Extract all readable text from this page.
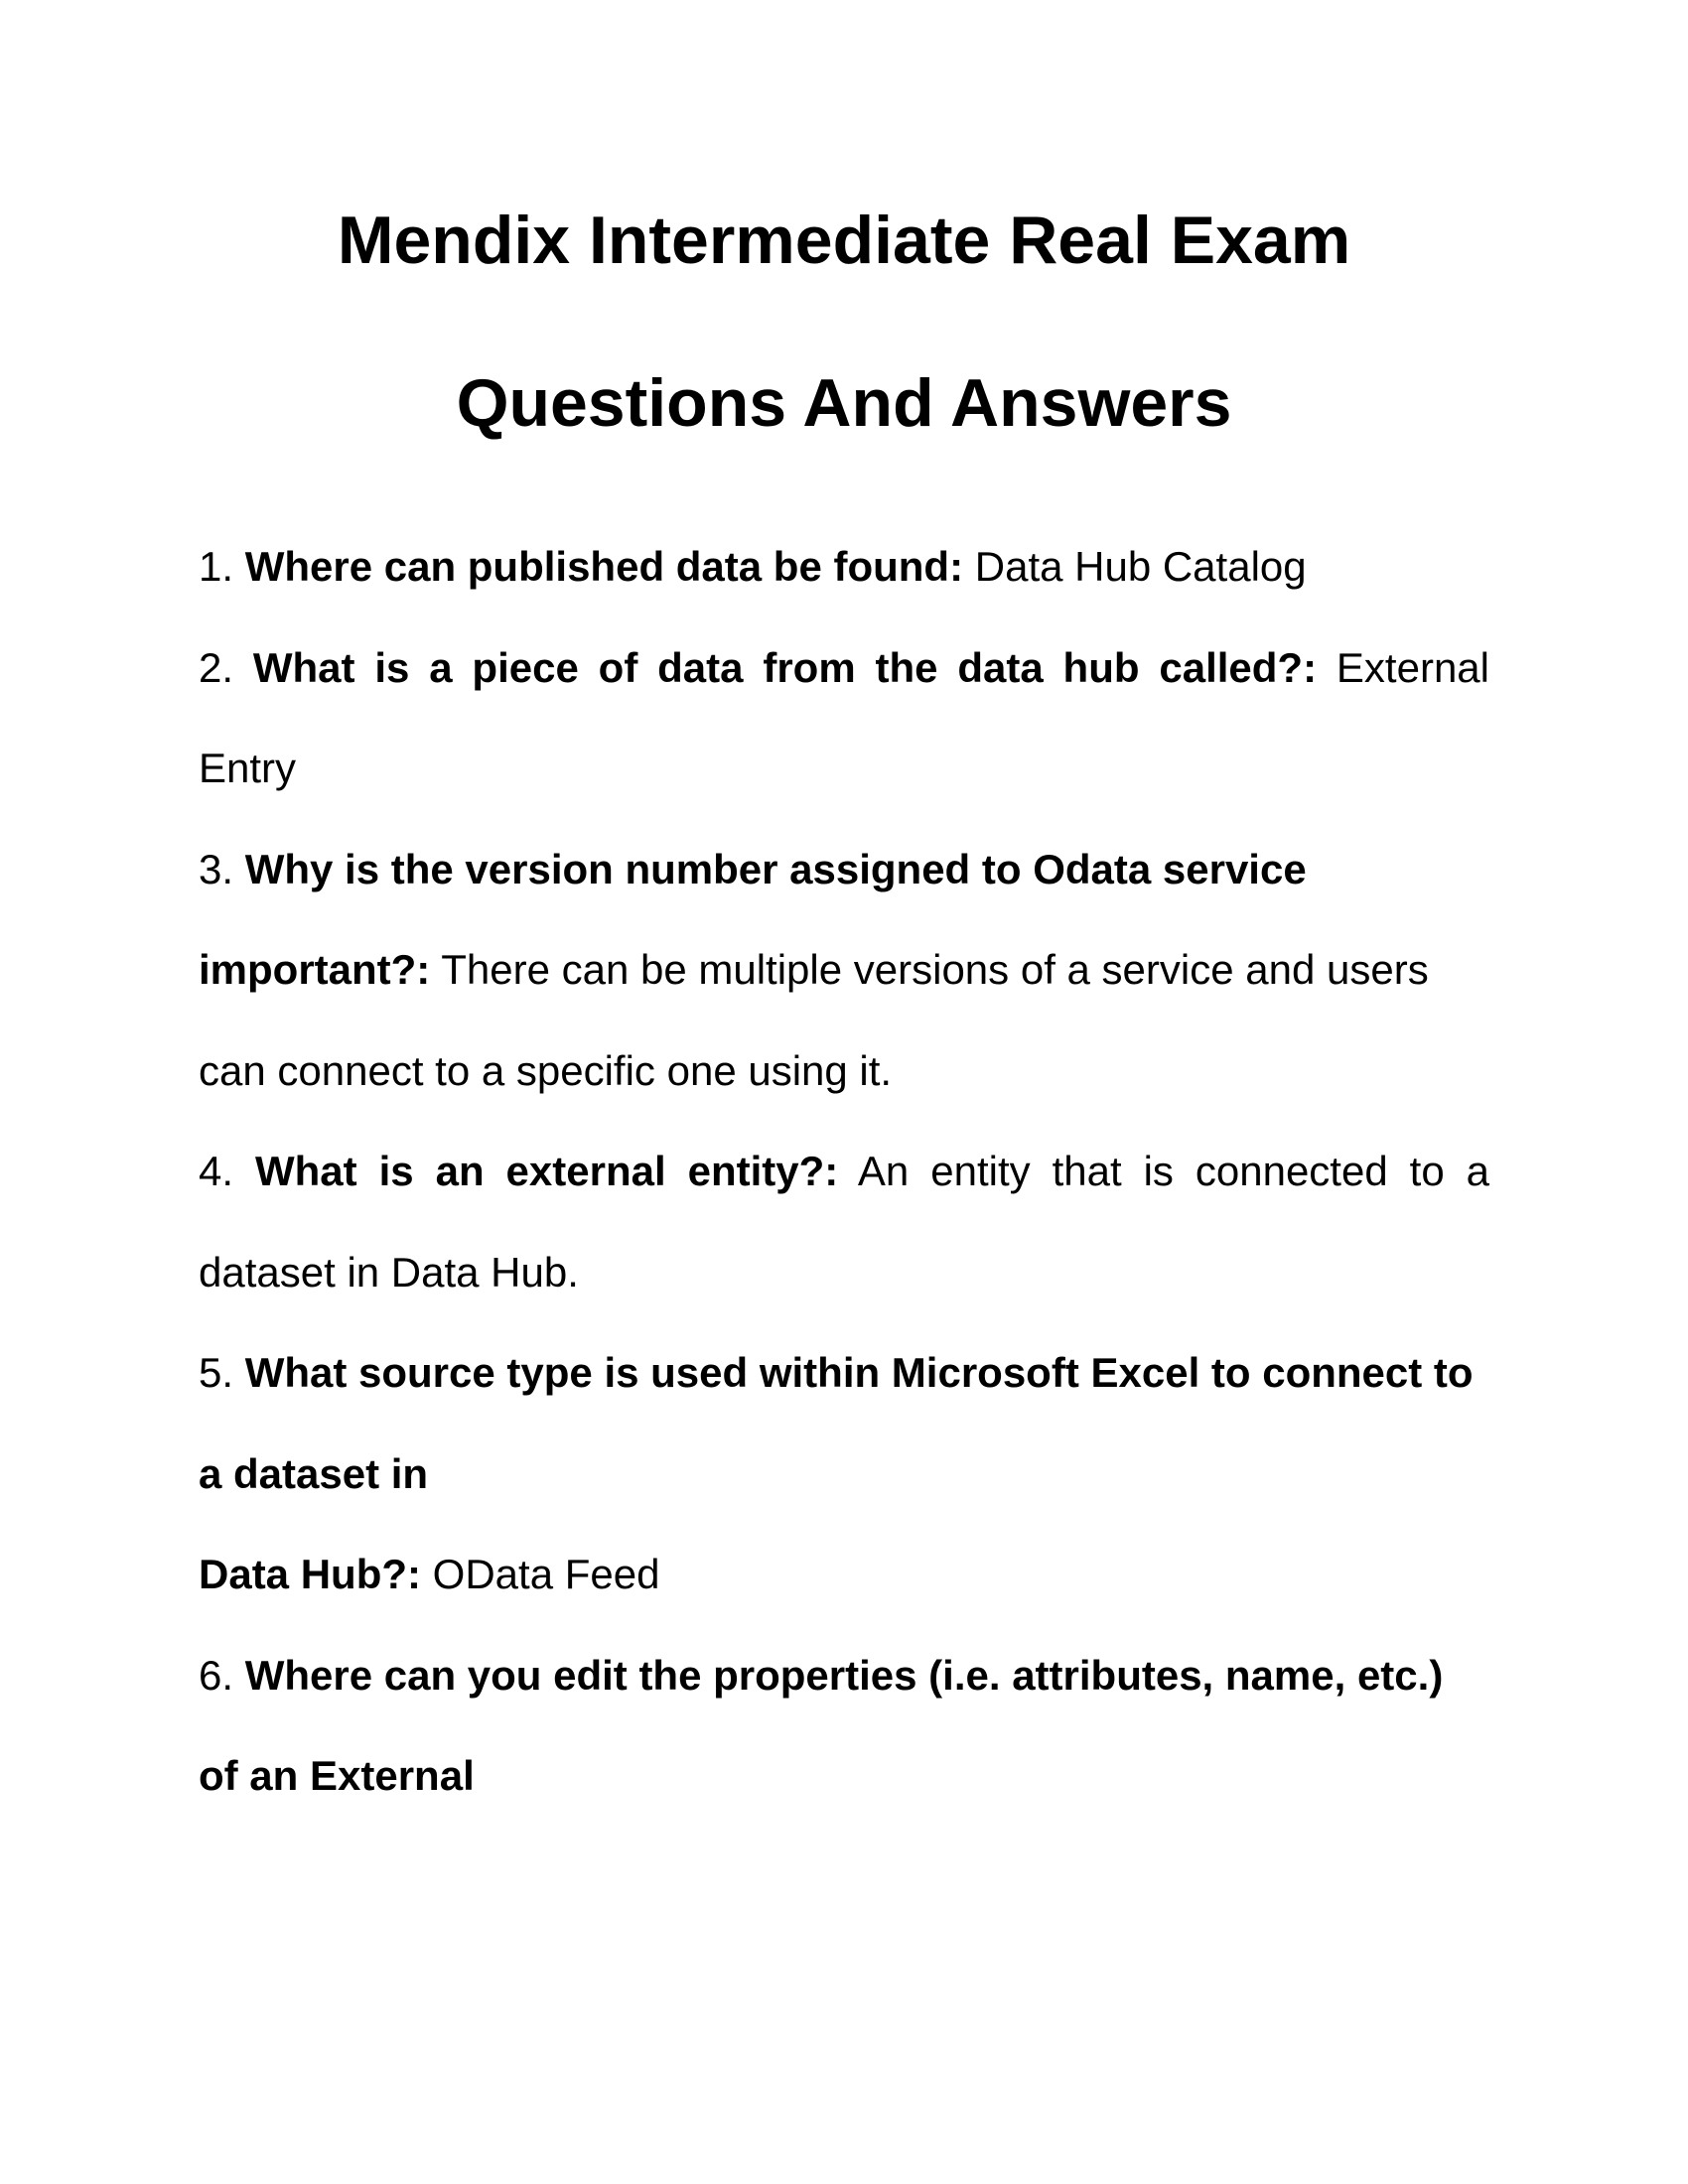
Mendix Intermediate Real Exam
Questions And Answers

1. Where can published data be found: Data Hub Catalog

2. What is a piece of data from the data hub called?: External Entry

3. Why is the version number assigned to Odata service important?: There can be multiple versions of a service and users can connect to a specific one using it.

4. What is an external entity?: An entity that is connected to a dataset in Data Hub.

5. What source type is used within Microsoft Excel to connect to a dataset in

Data Hub?: OData Feed

6. Where can you edit the properties (i.e. attributes, name, etc.) of an External
